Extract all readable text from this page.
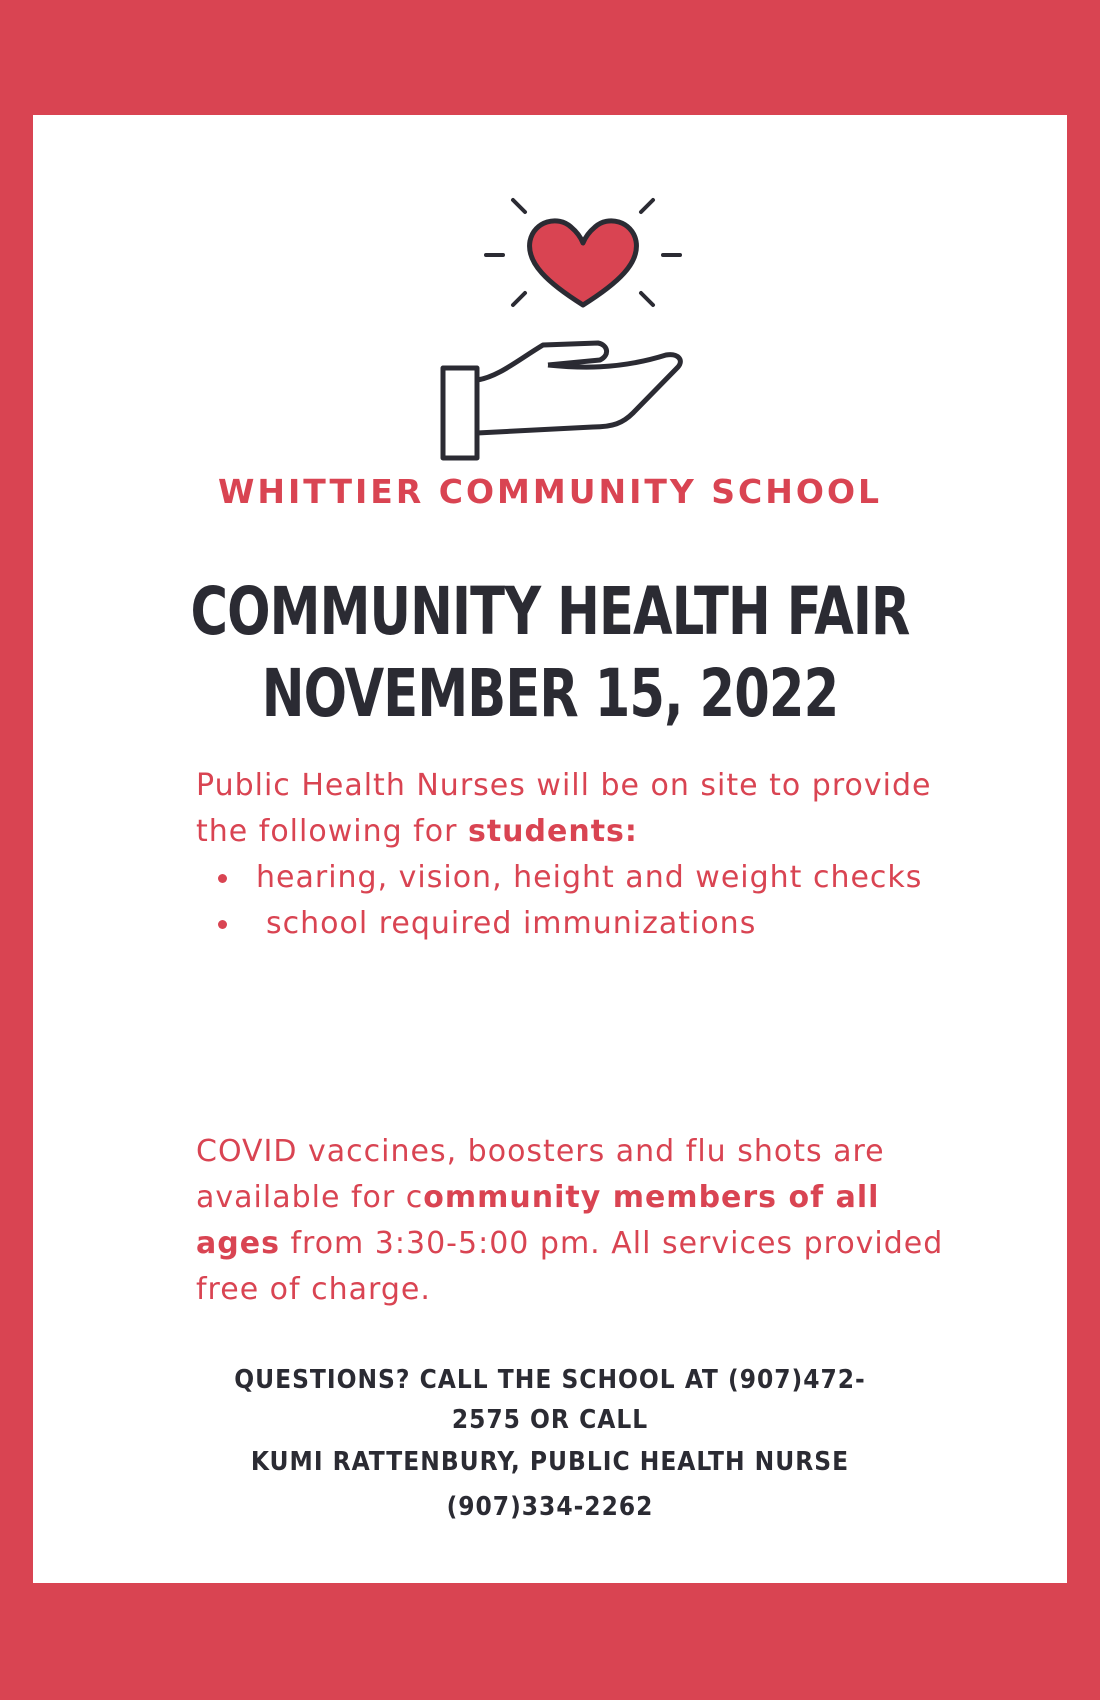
WHITTIER COMMUNITY SCHOOL
COMMUNITY HEALTH FAIR
NOVEMBER 15, 2022
Public Health Nurses will be on site to provide the following for students:
hearing, vision, height and weight checks
school required immunizations
COVID vaccines, boosters and flu shots are available for community members of all ages from 3:30-5:00 pm. All services provided free of charge.
QUESTIONS? CALL THE SCHOOL AT (907)472-2575 OR CALL
KUMI RATTENBURY, PUBLIC HEALTH NURSE
(907)334-2262
